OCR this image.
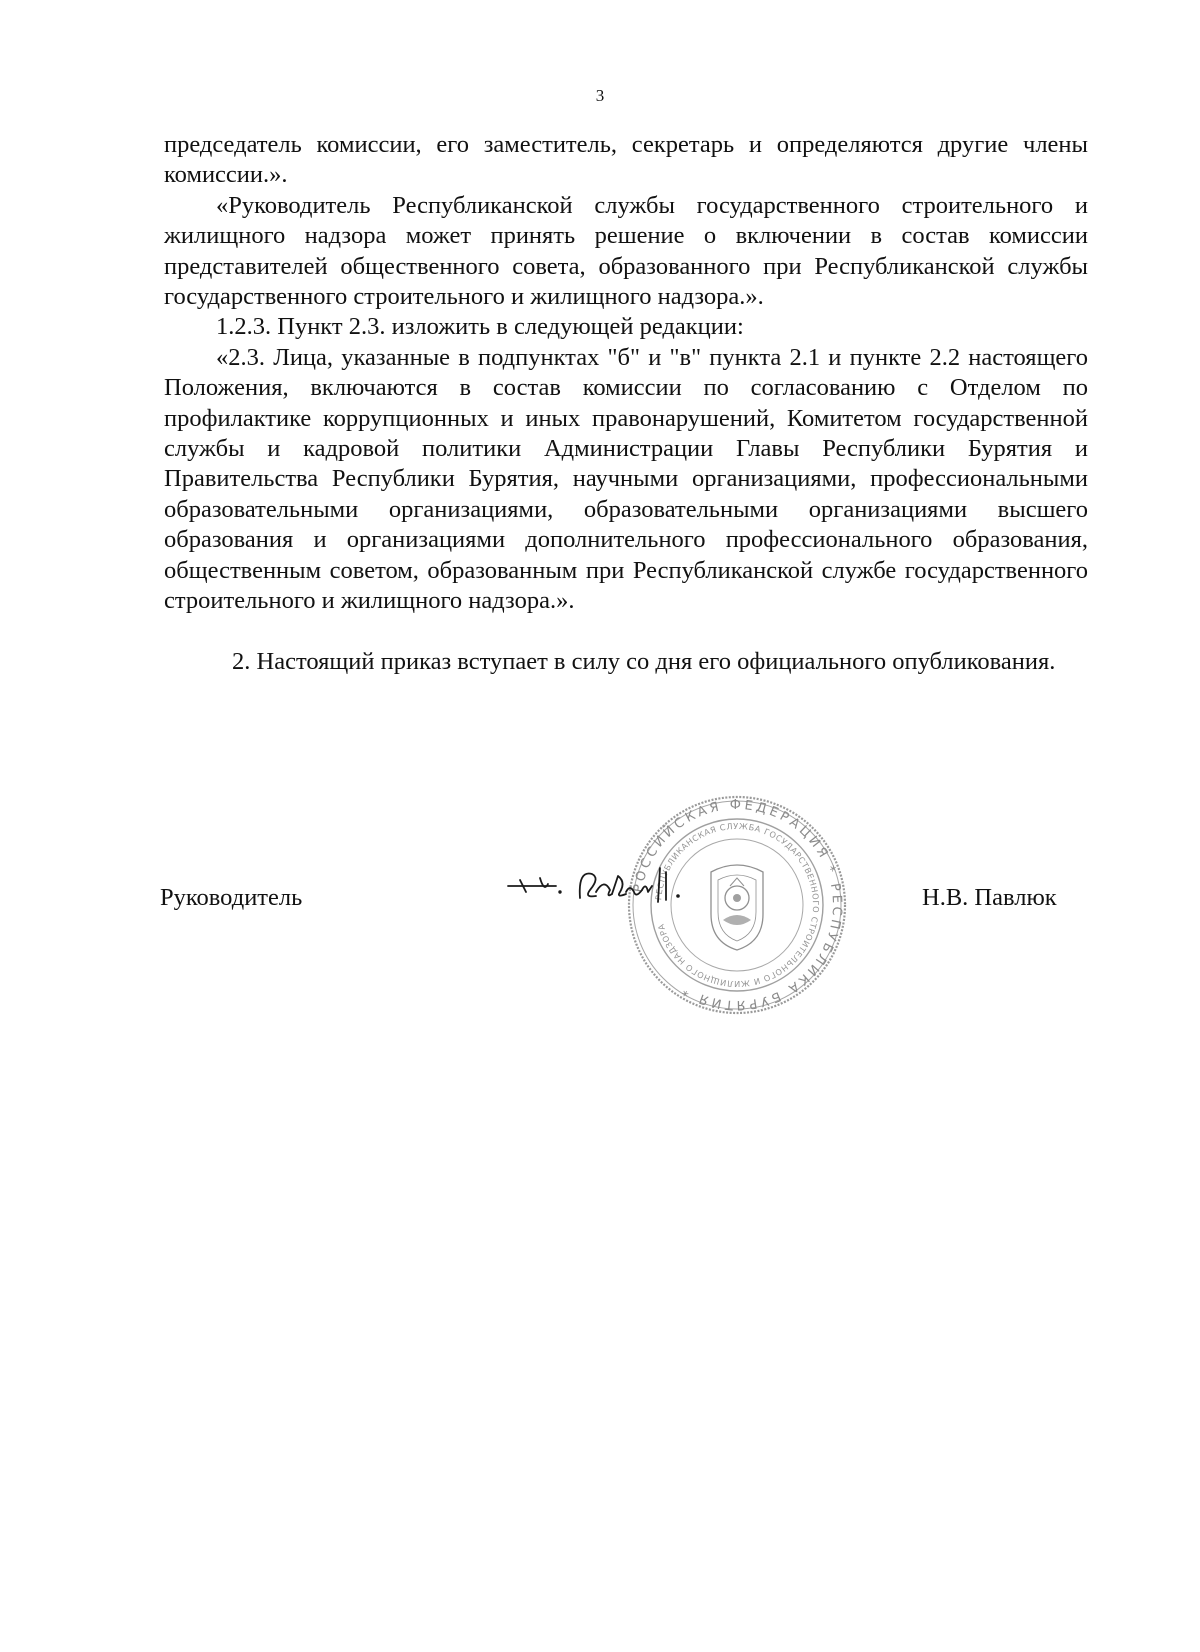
3

председатель комиссии, его заместитель, секретарь и определяются другие члены комиссии.».

«Руководитель Республиканской службы государственного строительного и жилищного надзора может принять решение о включении в состав комиссии представителей общественного совета, образованного при Республиканской службы государственного строительного и жилищного надзора.».

1.2.3. Пункт 2.3. изложить в следующей редакции:

«2.3. Лица, указанные в подпунктах "б" и "в" пункта 2.1 и пункте 2.2 настоящего Положения, включаются в состав комиссии по согласованию с Отделом по профилактике коррупционных и иных правонарушений, Комитетом государственной службы и кадровой политики Администрации Главы Республики Бурятия и Правительства Республики Бурятия, научными организациями, профессиональными образовательными организациями, образовательными организациями высшего образования и организациями дополнительного профессионального образования, общественным советом, образованным при Республиканской службе государственного строительного и жилищного надзора.».

2. Настоящий приказ вступает в силу со дня его официального опубликования.

РОССИЙСКАЯ ФЕДЕРАЦИЯ * РЕСПУБЛИКА БУРЯТИЯ *
РЕСПУБЛИКАНСКАЯ СЛУЖБА ГОСУДАРСТВЕННОГО СТРОИТЕЛЬНОГО И ЖИЛИЩНОГО НАДЗОРА
Руководитель	Н.В. Павлюк
